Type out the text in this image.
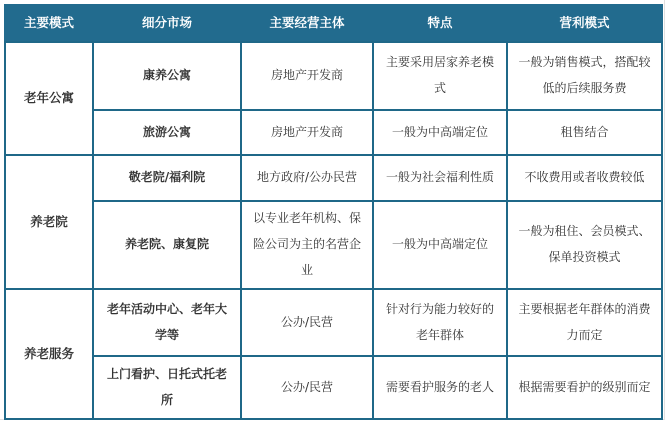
主要模式	细分市场	主要经营主体	特点	营利模式
老年公寓	康养公寓	房地产开发商	主要采用居家养老模式	一般为销售模式，搭配较低的后续服务费
	旅游公寓	房地产开发商	一般为中高端定位	租售结合
养老院	敬老院/福利院	地方政府/公办民营	一般为社会福利性质	不收费用或者收费较低
	养老院、康复院	以专业老年机构、保险公司为主的名营企业	一般为中高端定位	一般为租住、会员模式、保单投资模式
养老服务	老年活动中心、老年大学等	公办/民营	针对行为能力较好的老年群体	主要根据老年群体的消费力而定
	上门看护、日托式托老所	公办/民营	需要看护服务的老人	根据需要看护的级别而定
